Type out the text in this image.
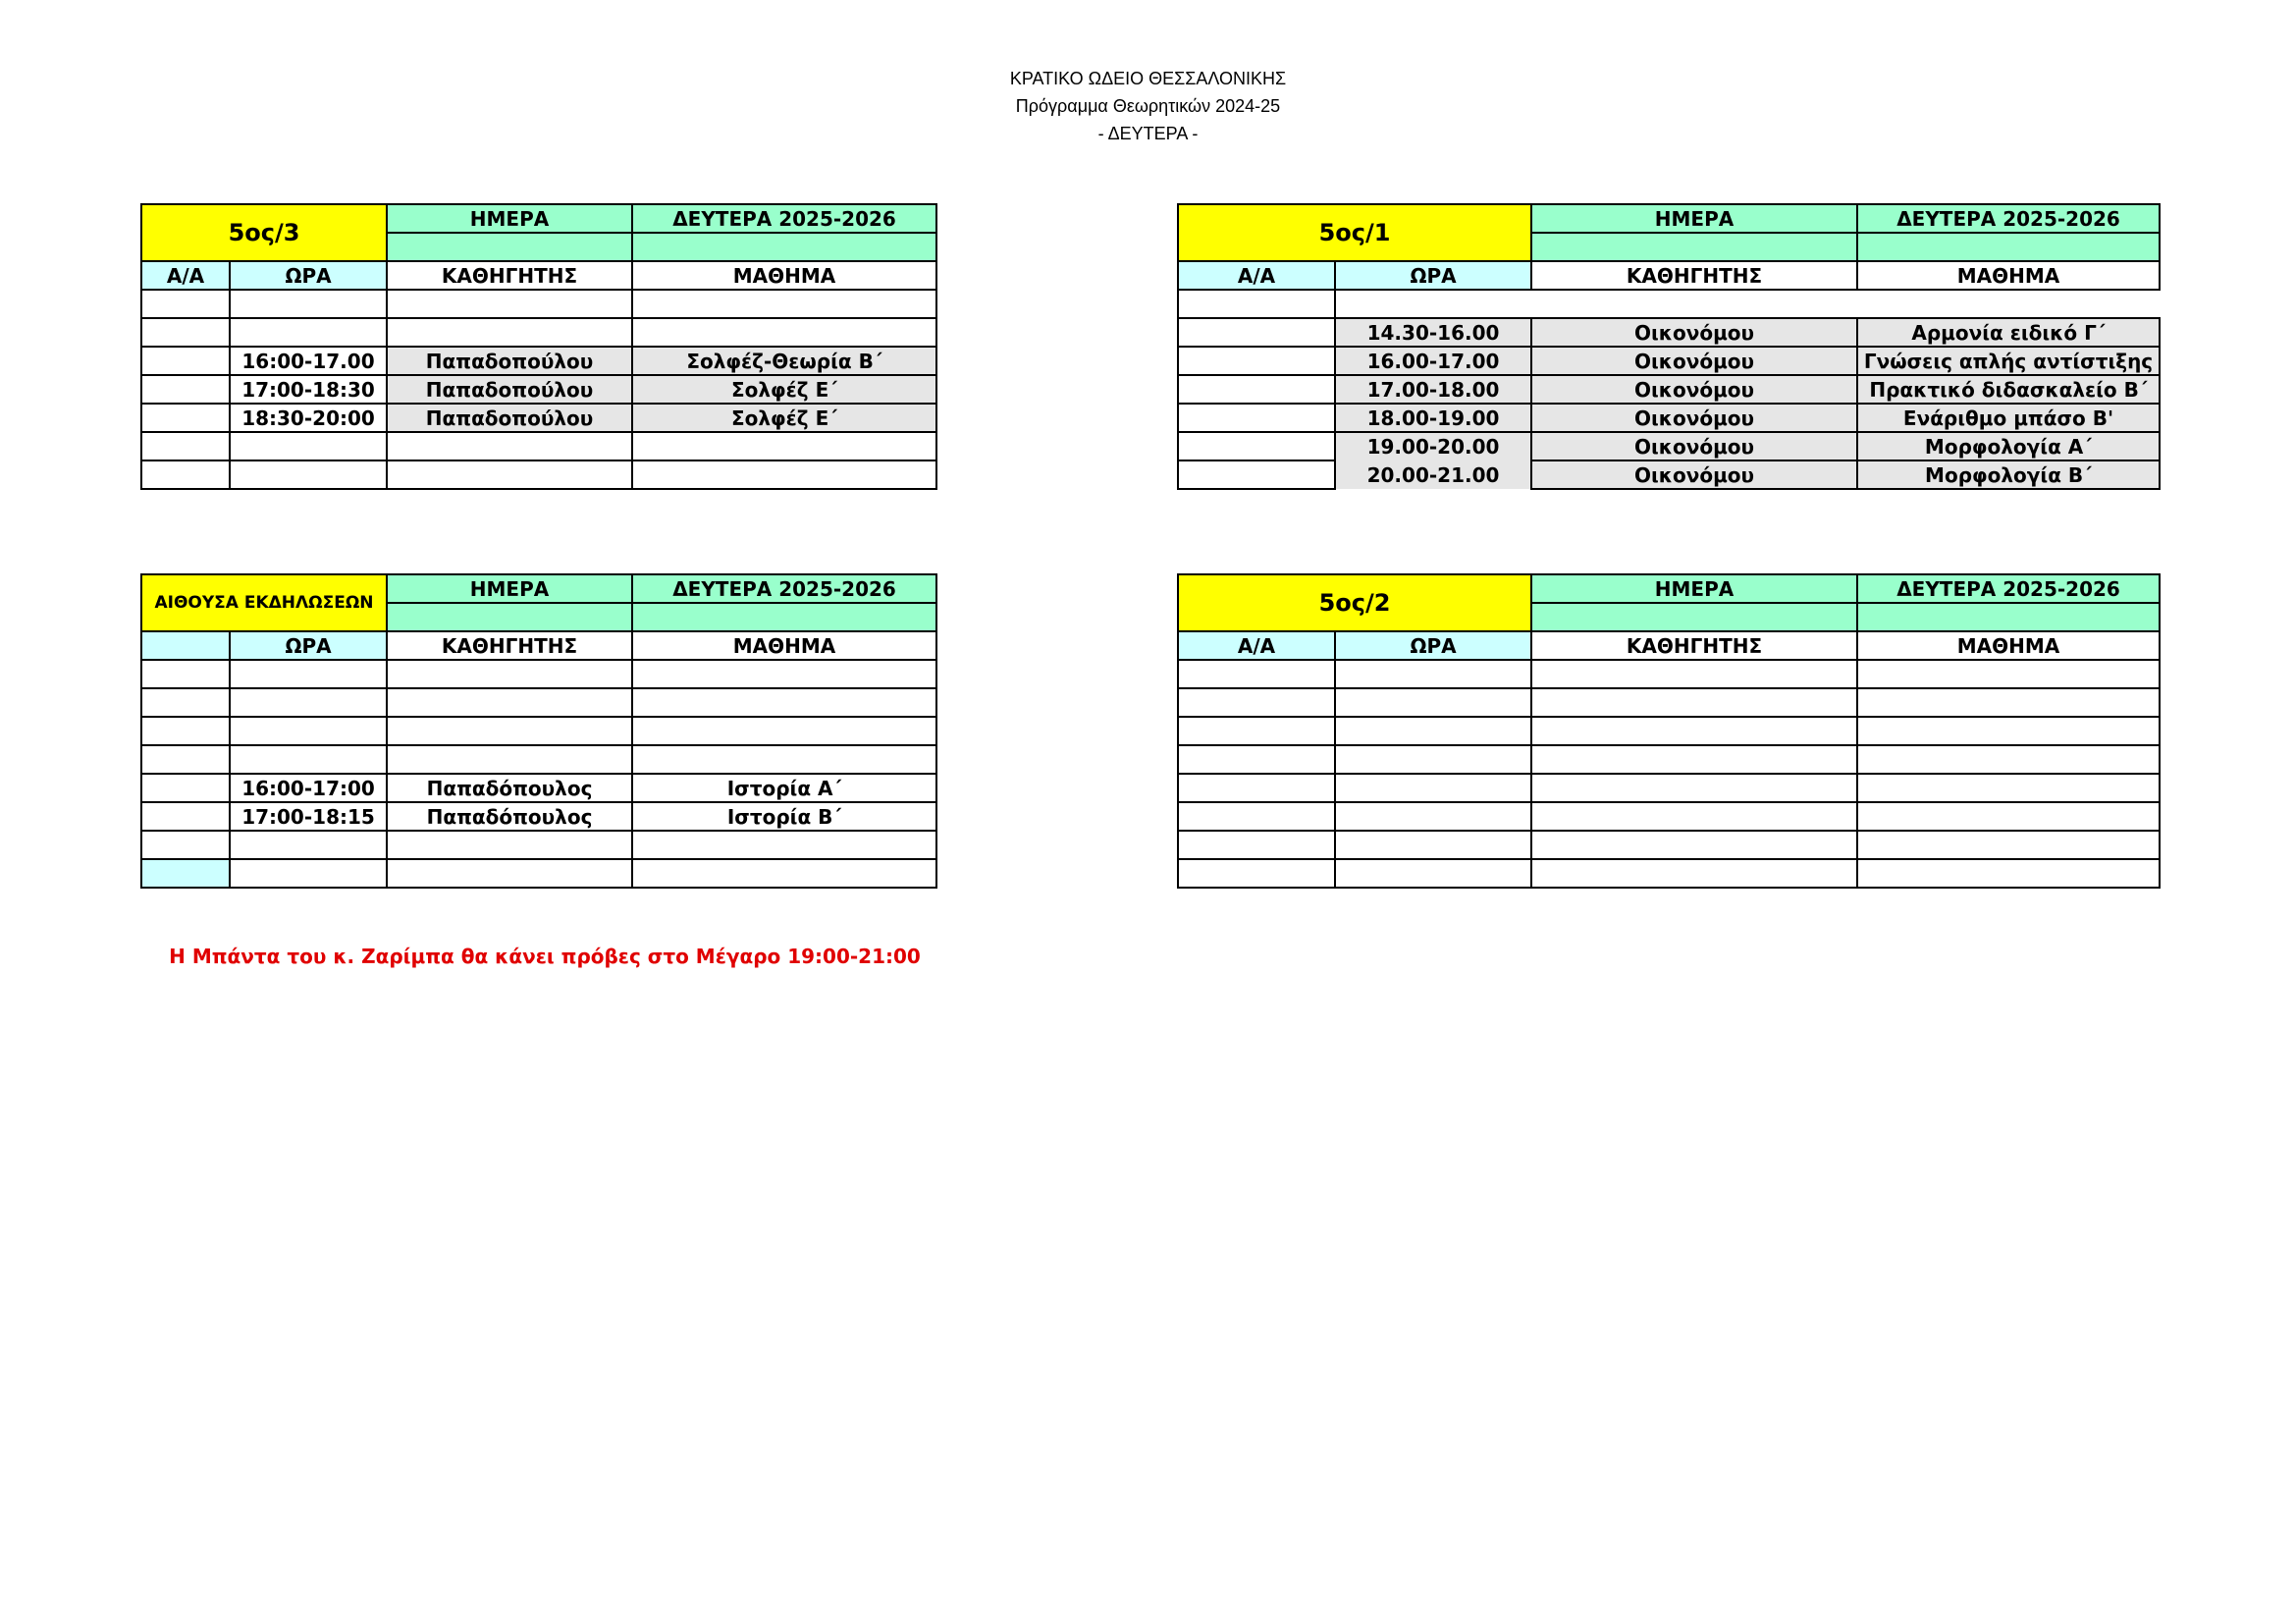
ΚΡΑΤΙΚΟ ΩΔΕΙΟ ΘΕΣΣΑΛΟΝΙΚΗΣ
Πρόγραμμα Θεωρητικών 2024-25
- ΔΕΥΤΕΡΑ -
5ος/3		ΗΜΕΡΑ	ΔΕΥΤΕΡΑ 2025-2026

Α/Α	ΩΡΑ	ΚΑΘΗΓΗΤΗΣ	ΜΑΘΗΜΑ

	16:00-17.00	Παπαδοπούλου	Σολφέζ-Θεωρία Β΄
	17:00-18:30	Παπαδοπούλου	Σολφέζ Ε΄
	18:30-20:00	Παπαδοπούλου	Σολφέζ Ε΄

5ος/1		ΗΜΕΡΑ	ΔΕΥΤΕΡΑ 2025-2026

Α/Α	ΩΡΑ	ΚΑΘΗΓΗΤΗΣ	ΜΑΘΗΜΑ

	14.30-16.00	Οικονόμου	Αρμονία ειδικό Γ΄
	16.00-17.00	Οικονόμου	Γνώσεις απλής αντίστιξης
	17.00-18.00	Οικονόμου	Πρακτικό διδασκαλείο Β΄
	18.00-19.00	Οικονόμου	Ενάριθμο μπάσο Β'
	19.00-20.00	Οικονόμου	Μορφολογία Α΄
	20.00-21.00	Οικονόμου	Μορφολογία Β΄
ΑΙΘΟΥΣΑ ΕΚΔΗΛΩΣΕΩΝ		ΗΜΕΡΑ	ΔΕΥΤΕΡΑ 2025-2026

	ΩΡΑ	ΚΑΘΗΓΗΤΗΣ	ΜΑΘΗΜΑ

	16:00-17:00	Παπαδόπουλος	Ιστορία Α΄
	17:00-18:15	Παπαδόπουλος	Ιστορία Β΄

5ος/2		ΗΜΕΡΑ	ΔΕΥΤΕΡΑ 2025-2026

Α/Α	ΩΡΑ	ΚΑΘΗΓΗΤΗΣ	ΜΑΘΗΜΑ

Η Μπάντα του κ. Ζαρίμπα θα κάνει πρόβες στο Μέγαρο 19:00-21:00
